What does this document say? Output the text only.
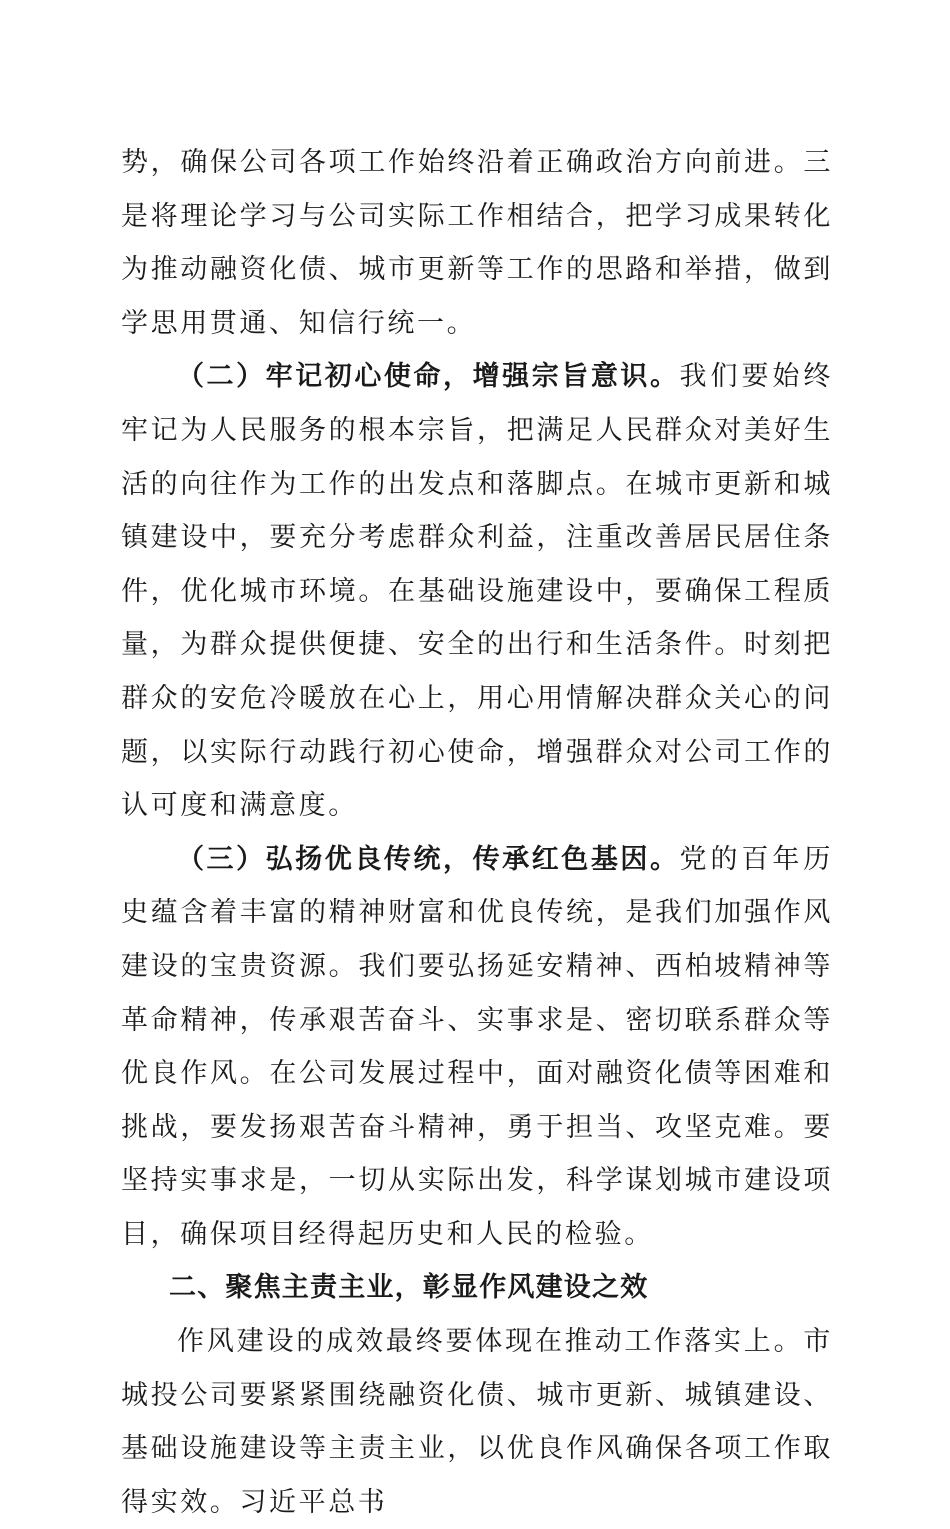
势，确保公司各项工作始终沿着正确政治方向前进。三是将理论学习与公司实际工作相结合，把学习成果转化为推动融资化债、城市更新等工作的思路和举措，做到学思用贯通、知信行统一。

（二）牢记初心使命，增强宗旨意识。我们要始终牢记为人民服务的根本宗旨，把满足人民群众对美好生活的向往作为工作的出发点和落脚点。在城市更新和城镇建设中，要充分考虑群众利益，注重改善居民居住条件，优化城市环境。在基础设施建设中，要确保工程质量，为群众提供便捷、安全的出行和生活条件。时刻把群众的安危冷暖放在心上，用心用情解决群众关心的问题，以实际行动践行初心使命，增强群众对公司工作的认可度和满意度。

（三）弘扬优良传统，传承红色基因。党的百年历史蕴含着丰富的精神财富和优良传统，是我们加强作风建设的宝贵资源。我们要弘扬延安精神、西柏坡精神等革命精神，传承艰苦奋斗、实事求是、密切联系群众等优良作风。在公司发展过程中，面对融资化债等困难和挑战，要发扬艰苦奋斗精神，勇于担当、攻坚克难。要坚持实事求是，一切从实际出发，科学谋划城市建设项目，确保项目经得起历史和人民的检验。

二、聚焦主责主业，彰显作风建设之效

作风建设的成效最终要体现在推动工作落实上。市城投公司要紧紧围绕融资化债、城市更新、城镇建设、基础设施建设等主责主业，以优良作风确保各项工作取得实效。习近平总书
